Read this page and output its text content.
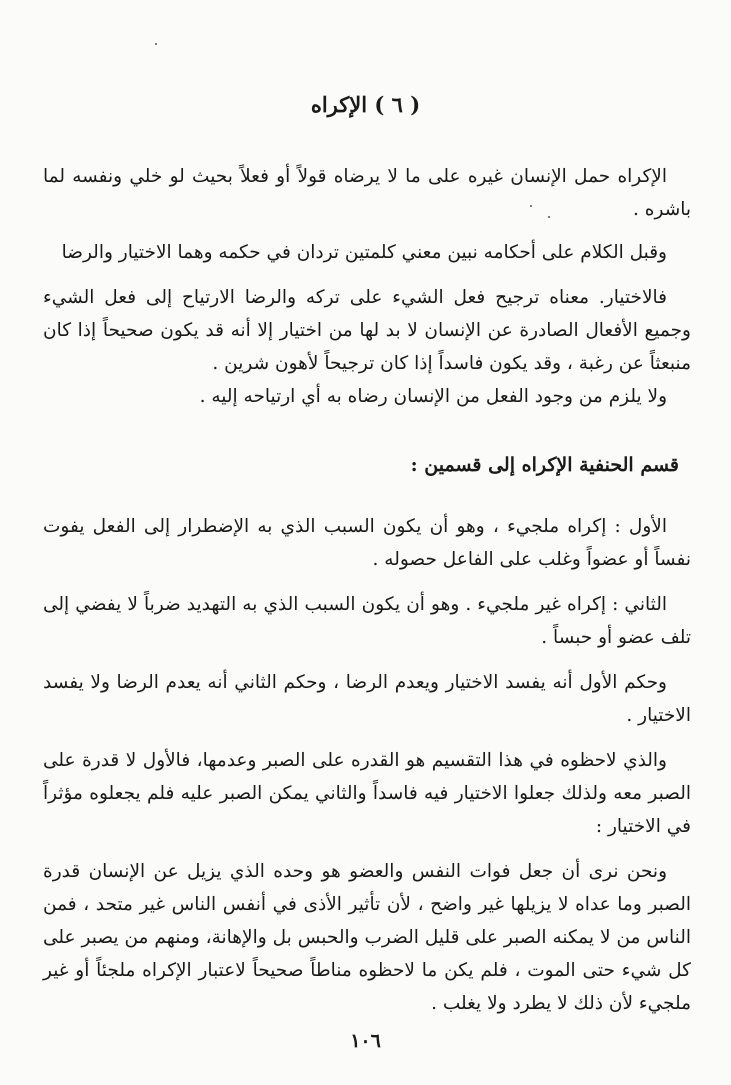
( ٦ ) الإكراه

الإكراه حمل الإنسان غيره على ما لا يرضاه قولاً أو فعلاً بحيث لو خلي ونفسه لما باشره .

وقبل الكلام على أحكامه نبين معني كلمتين تردان في حكمه وهما الاختيار والرضا

فالاختيار. معناه ترجيح فعل الشيء على تركه والرضا الارتياح إلى فعل الشيء وجميع الأفعال الصادرة عن الإنسان لا بد لها من اختيار إلا أنه قد يكون صحيحاً إذا كان منبعثاً عن رغبة ، وقد يكون فاسداً إذا كان ترجيحاً لأهون شرين .

ولا يلزم من وجود الفعل من الإنسان رضاه به أي ارتياحه إليه .

قسم الحنفية الإكراه إلى قسمين :

الأول : إكراه ملجيء ، وهو أن يكون السبب الذي به الإضطرار إلى الفعل يفوت نفساً أو عضواً وغلب على الفاعل حصوله .

الثاني : إكراه غير ملجيء . وهو أن يكون السبب الذي به التهديد ضرباً لا يفضي إلى تلف عضو أو حبساً .

وحكم الأول أنه يفسد الاختيار ويعدم الرضا ، وحكم الثاني أنه يعدم الرضا ولا يفسد الاختيار .

والذي لاحظوه في هذا التقسيم هو القدره على الصبر وعدمها، فالأول لا قدرة على الصبر معه ولذلك جعلوا الاختيار فيه فاسداً والثاني يمكن الصبر عليه فلم يجعلوه مؤثراً في الاختيار :

ونحن نرى أن جعل فوات النفس والعضو هو وحده الذي يزيل عن الإنسان قدرة الصبر وما عداه لا يزيلها غير واضح ، لأن تأثير الأذى في أنفس الناس غير متحد ، فمن الناس من لا يمكنه الصبر على قليل الضرب والحبس بل والإهانة، ومنهم من يصبر على كل شيء حتى الموت ، فلم يكن ما لاحظوه مناطاً صحيحاً لاعتبار الإكراه ملجئاً أو غير ملجيء لأن ذلك لا يطرد ولا يغلب .

١٠٦
